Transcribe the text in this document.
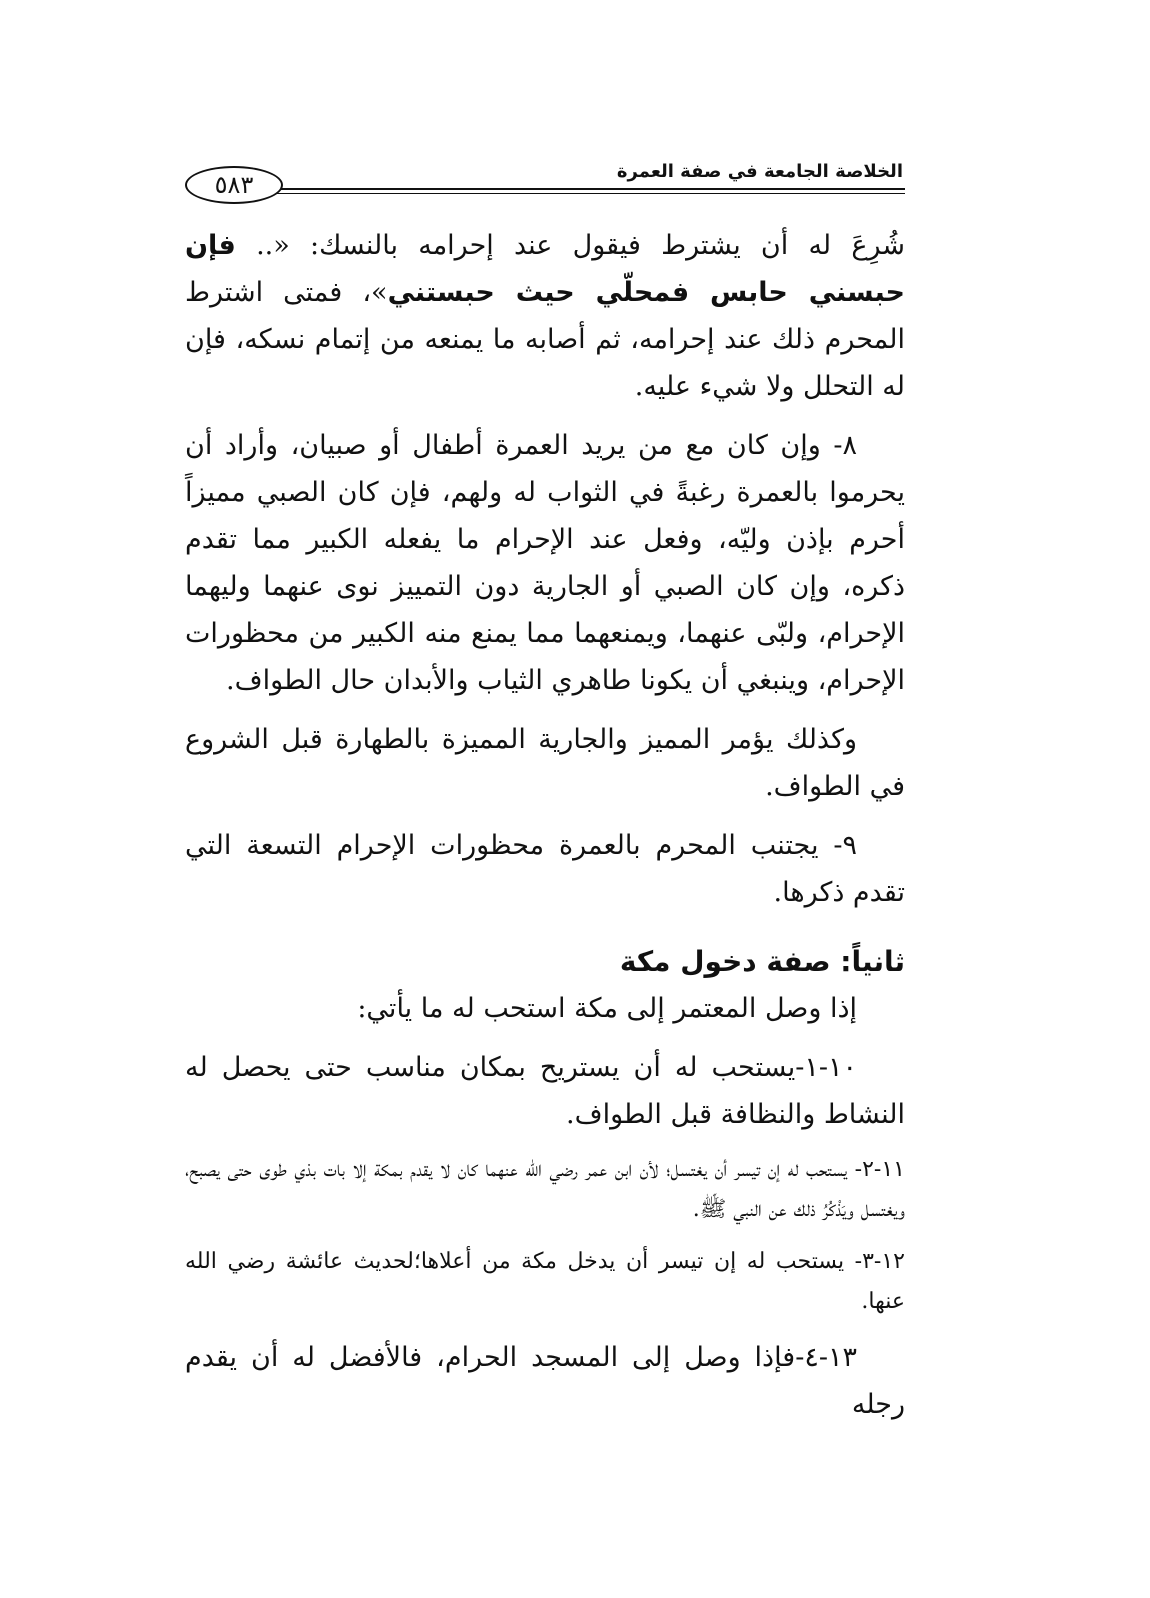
٥٨٣	الخلاصة الجامعة في صفة العمرة

شُرِعَ له أن يشترط فيقول عند إحرامه بالنسك: «.. فإن حبسني حابس فمحلّي حيث حبستني»، فمتى اشترط المحرم ذلك عند إحرامه، ثم أصابه ما يمنعه من إتمام نسكه، فإن له التحلل ولا شيء عليه.

٨- وإن كان مع من يريد العمرة أطفال أو صبيان، وأراد أن يحرموا بالعمرة رغبةً في الثواب له ولهم، فإن كان الصبي مميزاً أحرم بإذن وليّه، وفعل عند الإحرام ما يفعله الكبير مما تقدم ذكره، وإن كان الصبي أو الجارية دون التمييز نوى عنهما وليهما الإحرام، ولبّى عنهما، ويمنعهما مما يمنع منه الكبير من محظورات الإحرام، وينبغي أن يكونا طاهري الثياب والأبدان حال الطواف.

وكذلك يؤمر المميز والجارية المميزة بالطهارة قبل الشروع في الطواف.

٩- يجتنب المحرم بالعمرة محظورات الإحرام التسعة التي تقدم ذكرها.

ثانياً: صفة دخول مكة

إذا وصل المعتمر إلى مكة استحب له ما يأتي:

١٠-١-يستحب له أن يستريح بمكان مناسب حتى يحصل له النشاط والنظافة قبل الطواف.

١١-٢- يستحب له إن تيسر أن يغتسل؛ لأن ابن عمر رضي الله عنهما كان لا يقدم بمكة إلا بات بذي طوى حتى يصبح، ويغتسل ويَذْكُرُ ذلك عن النبي ﷺ.

١٢-٣- يستحب له إن تيسر أن يدخل مكة من أعلاها؛لحديث عائشة رضي الله عنها.

١٣-٤-فإذا وصل إلى المسجد الحرام، فالأفضل له أن يقدم رجله
